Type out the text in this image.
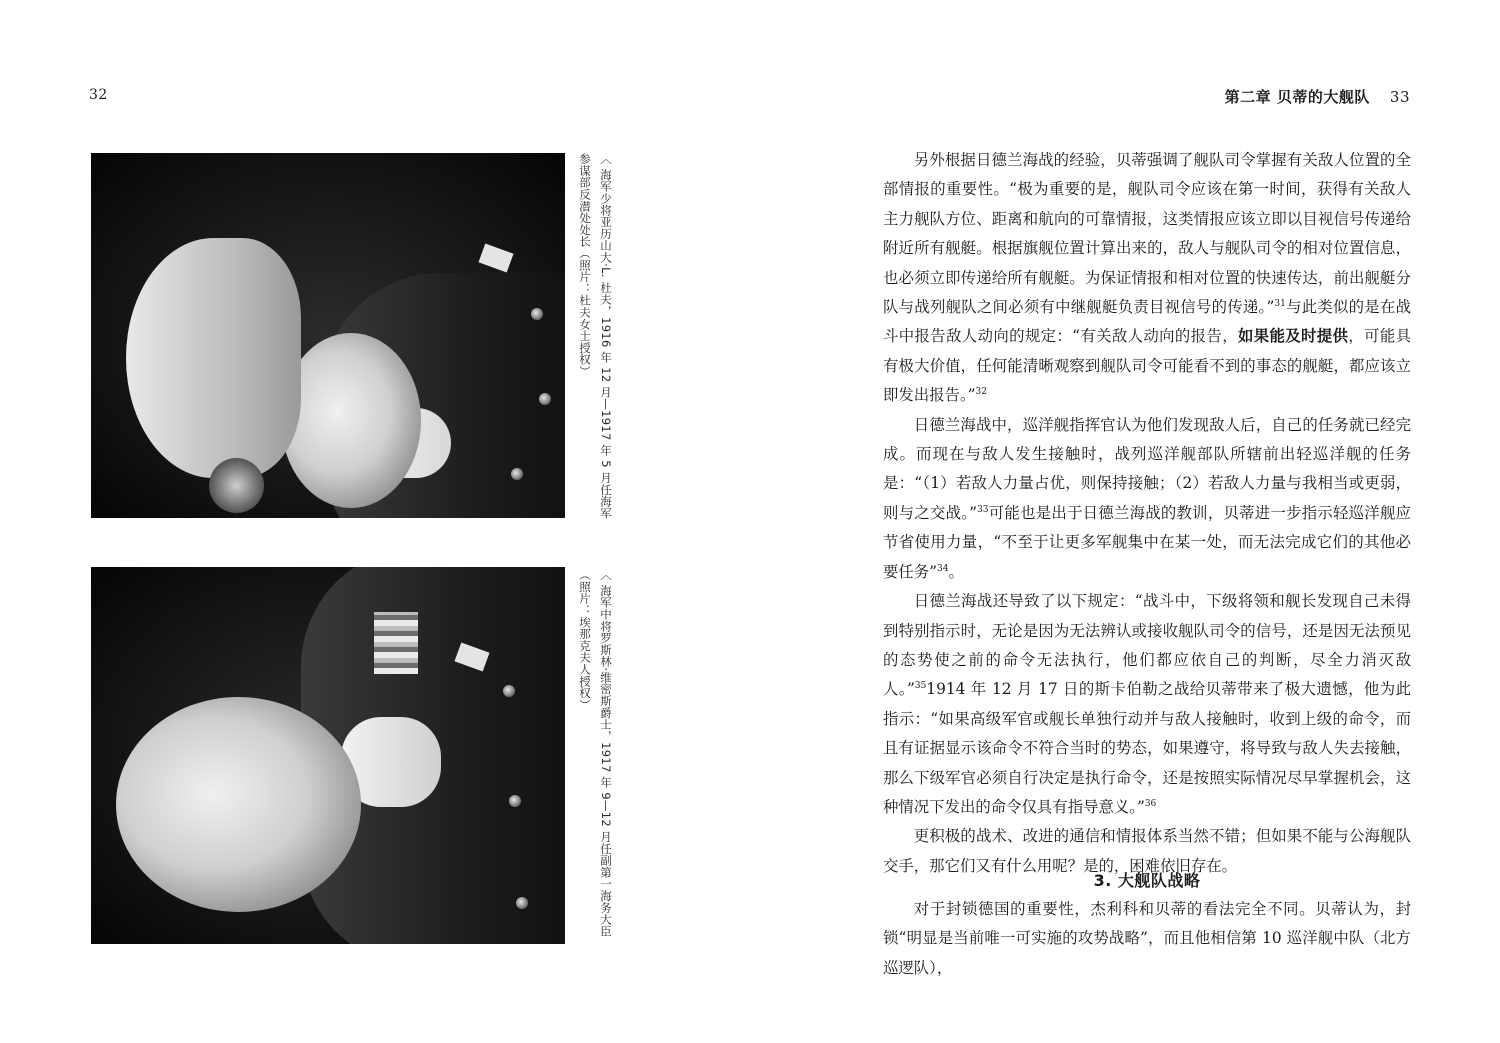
32
〈 海军少将亚历山大·L. 杜夫，1916 年 12 月—1917 年 5 月任海军参谋部反潜处处长（照片：杜夫女士授权）
〈 海军中将罗斯林·维密斯爵士，1917 年 9—12 月任副第一海务大臣（照片：埃那克夫人授权）
第二章 贝蒂的大舰队 33

另外根据日德兰海战的经验，贝蒂强调了舰队司令掌握有关敌人位置的全部情报的重要性。“极为重要的是，舰队司令应该在第一时间，获得有关敌人主力舰队方位、距离和航向的可靠情报，这类情报应该立即以目视信号传递给附近所有舰艇。根据旗舰位置计算出来的，敌人与舰队司令的相对位置信息，也必须立即传递给所有舰艇。为保证情报和相对位置的快速传达，前出舰艇分队与战列舰队之间必须有中继舰艇负责目视信号的传递。”$^{31}$与此类似的是在战斗中报告敌人动向的规定：“有关敌人动向的报告，如果能及时提供，可能具有极大价值，任何能清晰观察到舰队司令可能看不到的事态的舰艇，都应该立即发出报告。”$^{32}$

日德兰海战中，巡洋舰指挥官认为他们发现敌人后，自己的任务就已经完成。而现在与敌人发生接触时，战列巡洋舰部队所辖前出轻巡洋舰的任务是：“（1）若敌人力量占优，则保持接触；（2）若敌人力量与我相当或更弱，则与之交战。”$^{33}$可能也是出于日德兰海战的教训，贝蒂进一步指示轻巡洋舰应节省使用力量，“不至于让更多军舰集中在某一处，而无法完成它们的其他必要任务”$^{34}$。

日德兰海战还导致了以下规定：“战斗中，下级将领和舰长发现自己未得到特别指示时，无论是因为无法辨认或接收舰队司令的信号，还是因无法预见的态势使之前的命令无法执行，他们都应依自己的判断，尽全力消灭敌人。”$^{35}$1914 年 12 月 17 日的斯卡伯勒之战给贝蒂带来了极大遗憾，他为此指示：“如果高级军官或舰长单独行动并与敌人接触时，收到上级的命令，而且有证据显示该命令不符合当时的势态，如果遵守，将导致与敌人失去接触，那么下级军官必须自行决定是执行命令，还是按照实际情况尽早掌握机会，这种情况下发出的命令仅具有指导意义。”$^{36}$

更积极的战术、改进的通信和情报体系当然不错；但如果不能与公海舰队交手，那它们又有什么用呢？是的，困难依旧存在。

3. 大舰队战略

对于封锁德国的重要性，杰利科和贝蒂的看法完全不同。贝蒂认为，封锁“明显是当前唯一可实施的攻势战略”，而且他相信第 10 巡洋舰中队（北方巡逻队），
